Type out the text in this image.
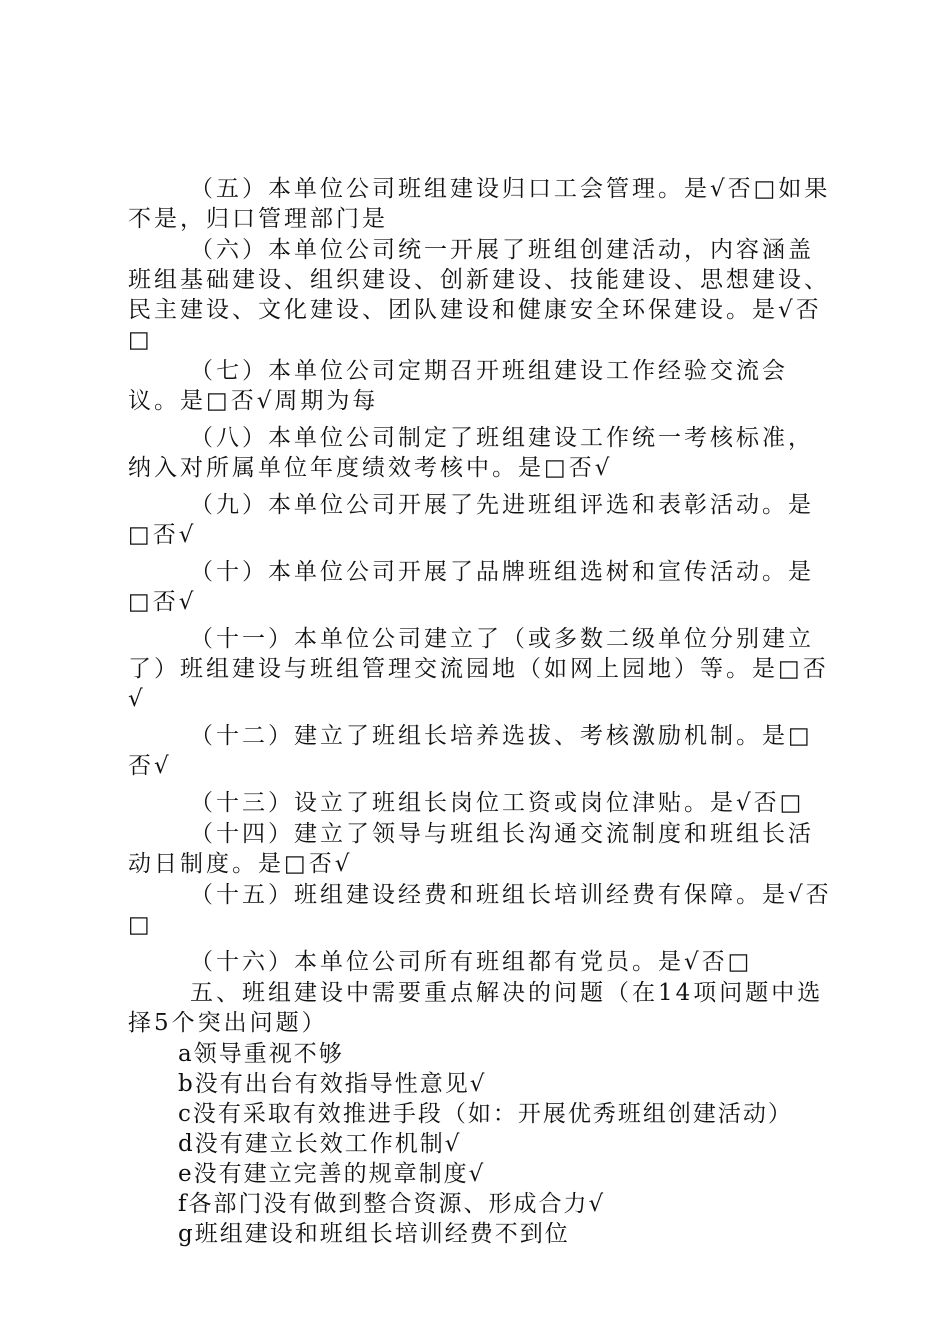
（五）本单位公司班组建设归口工会管理。是√否□如果不是，归口管理部门是

（六）本单位公司统一开展了班组创建活动，内容涵盖班组基础建设、组织建设、创新建设、技能建设、思想建设、民主建设、文化建设、团队建设和健康安全环保建设。是√否□

（七）本单位公司定期召开班组建设工作经验交流会议。是□否√周期为每

（八）本单位公司制定了班组建设工作统一考核标准，纳入对所属单位年度绩效考核中。是□否√

（九）本单位公司开展了先进班组评选和表彰活动。是□否√

（十）本单位公司开展了品牌班组选树和宣传活动。是□否√

（十一）本单位公司建立了（或多数二级单位分别建立了）班组建设与班组管理交流园地（如网上园地）等。是□否√

（十二）建立了班组长培养选拔、考核激励机制。是□否√

（十三）设立了班组长岗位工资或岗位津贴。是√否□

（十四）建立了领导与班组长沟通交流制度和班组长活动日制度。是□否√

（十五）班组建设经费和班组长培训经费有保障。是√否□

（十六）本单位公司所有班组都有党员。是√否□

五、班组建设中需要重点解决的问题（在14项问题中选择5个突出问题）

a领导重视不够

b没有出台有效指导性意见√

c没有采取有效推进手段（如：开展优秀班组创建活动）

d没有建立长效工作机制√

e没有建立完善的规章制度√

f各部门没有做到整合资源、形成合力√

g班组建设和班组长培训经费不到位
